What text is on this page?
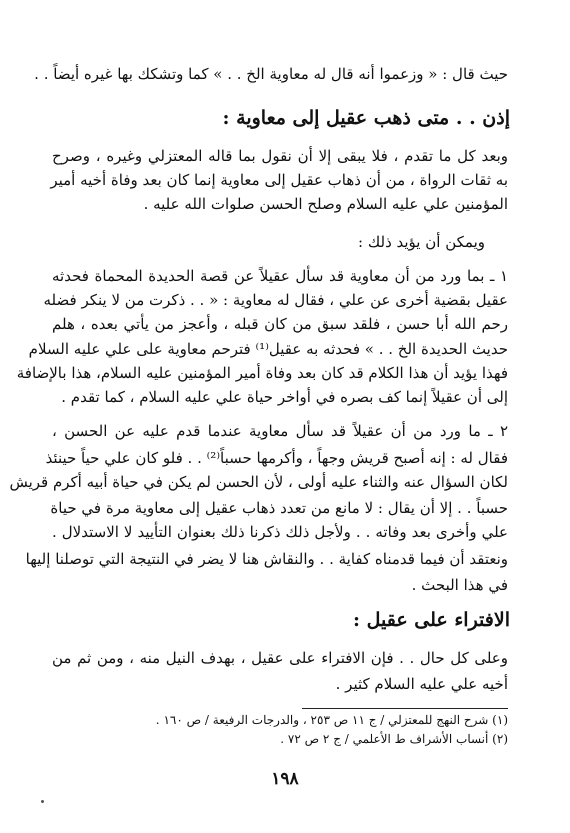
حيث قال : « وزعموا أنه قال له معاوية الخ . . » كما وتشكك بها غيره أيضاً . .
إذن . . متى ذهب عقيل إلى معاوية :
وبعد كل ما تقدم ، فلا يبقى إلا أن نقول بما قاله المعتزلي وغيره ، وصرح
به ثقات الرواة ، من أن ذهاب عقيل إلى معاوية إنما كان بعد وفاة أخيه أمير
المؤمنين علي عليه السلام وصلح الحسن صلوات الله عليه .
ويمكن أن يؤيد ذلك :
١ ـ بما ورد من أن معاوية قد سأل عقيلاً عن قصة الحديدة المحماة فحدثه
عقيل بقضية أخرى عن علي ، فقال له معاوية : « . . ذكرت من لا ينكر فضله
رحم الله أبا حسن ، فلقد سبق من كان قبله ، وأعجز من يأتي بعده ، هلم
حديث الحديدة الخ . . » فحدثه به عقيل⁽¹⁾ فترحم معاوية على علي عليه السلام
فهذا يؤيد أن هذا الكلام قد كان بعد وفاة أمير المؤمنين عليه السلام، هذا بالإضافة
إلى أن عقيلاً إنما كف بصره في أواخر حياة علي عليه السلام ، كما تقدم .
٢ ـ ما ورد من أن عقيلاً قد سأل معاوية عندما قدم عليه عن الحسن ،
فقال له : إنه أصبح قريش وجهاً ، وأكرمها حسباً⁽²⁾ . . فلو كان علي حياً حينئذ
لكان السؤال عنه والثناء عليه أولى ، لأن الحسن لم يكن في حياة أبيه أكرم قريش
حسباً . . إلا أن يقال : لا مانع من تعدد ذهاب عقيل إلى معاوية مرة في حياة
علي وأخرى بعد وفاته . . ولأجل ذلك ذكرنا ذلك بعنوان التأييد لا الاستدلال .
ونعتقد أن فيما قدمناه كفاية . . والنقاش هنا لا يضر في النتيجة التي توصلنا إليها
في هذا البحث .
الافتراء على عقيل :
وعلى كل حال . . فإن الافتراء على عقيل ، بهدف النيل منه ، ومن ثم من
أخيه علي عليه السلام كثير .
(١) شرح النهج للمعتزلي / ج ١١ ص ٢٥٣ ، والدرجات الرفيعة / ص ١٦٠ .
(٢) أنساب الأشراف ط الأعلمي / ج ٢ ص ٧٢ .
١٩٨
